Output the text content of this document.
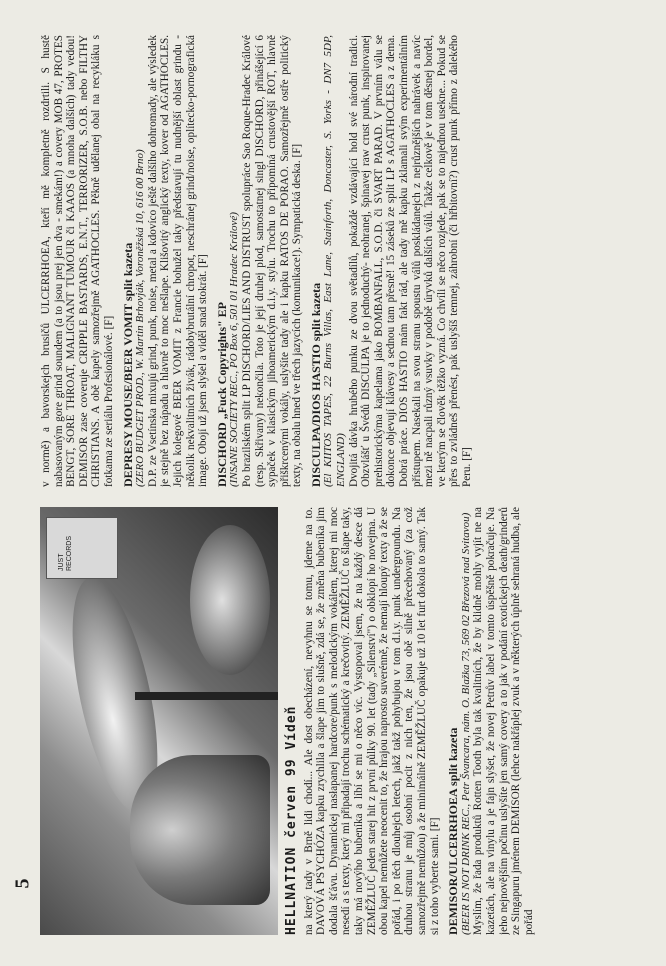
JUST RECORDS
HELLNATION červen 99 Vídeň na který tady v Brně lidi chodí... Ale dost obecházení, nevyhnu se tomu, jdeme na to. DAVOVÁ PSYCHÓZA kapku zrychlila a šlape jim to slušně, zdá se, že změna bubeníka jim dodala šťávu. Dynamickej nasłapanej hardcore/punk s melodickým vokálem, kterej mi moc nesedí a s texty, který mi připadají trochu schématický a krečovitý. ZEMĚŽLUČ to šlape taky, taky má novýho bubeníka a líbí se mi o něco víc. Vystopoval jsem, že na každý desce dá ZEMĚŽLUČ jeden starej hit z první půlky 90. let (tady „Silenství") o obklopí ho novejma. U obou kapel nemůžete neocenit to, že hrajou naprosto suverénně, že nemají hloupý texty a že se pořád, i po těch dlouhejch letech, jakž takž pohybujou v tom d.i.y. punk undergroundu. Na druhou stranu je můj osobní pocit z nich ten, že jsou obě silně přecehovaný (za což samozřejmě nemůžou) a že minimálně ZEMĚŽLUČ opakuje už 10 let furt dokola to samý. Tak si z toho vyberte sami. [F] DEMISOR/ULCERRHOEA split kazeta (BEER IS NOT DRINK REC., Petr Švancara, nám. O. Blažka 73, 569 02 Březová nad Svitavou) Myslím, že řada produktů Rotten Tooth byla tak kvalitních, že by klidně mohly vyjít ne na kazetách, ale na vinylu a je fajn slyšet, že novej Petrův label v tomto úspěšně pokračuje. Na jeho nejnovějším počinu uslyšíte jen samý covery a to jak v podání exotickejch death/grinderů ze Singapuru jménem DEMISOR (lehce nakřáplej zvuk a v některých úplně sehraná hudba, ale pořád

v normě) a bavorskejch brusičů ULCERRHOEA, kteří mě kompletně rozdrtili. S hustě nabasovaným gore grind soundem (a to jsou prej jen dva - smekám!) a covery MOB 47, PROTES BENGT, SORE THROAT, MALIGNANT TUMOUR či KAAOS (a mnoha dalších) tady vedou! DEMISOR zase coverujе CRIPPLE BASTARDS, E.N.T., TERRORIZER, S.O.B. nebo FILTHY CHRISTIANS. A obě kapely samozřejmě AGATHOCLES. Pěkně udělanej obal na recykláku s fotkama ze seriálu Profesionálové. [F] DEPRESY MOUSE/BEER VOMIT split kazeta (ZERO BUDGET PROD., W. Martin Brhovják, Voroněžská 10, 616 00 Brno) D.P. ze Vsetínska mixujú grind, punk, noise, metal a kdovíco ještě dalšího dohromady, ale výsledek je stejně bez nápadu a hlavně to moc nešlape. Klišovitý anglický texty, kover od AGATHOCLES. Jejich kolegové BEER VOMIT z Francie bohužel taky představují tu nudnější oblast grindu - několik nekvalitních živák, rádobybrutální chropot, neschránej grind/noise, oplítecko-pornografická image. Obojí už jsem slyšel a viděl snad stokrát. [F] DISCHORD „Fuck Copyrights" EP (INSANE SOCIETY REC., PO Box 6, 501 01 Hradec Králové) Po brazilském split LP DISCHORD/LIES AND DISTRUST spolupráce Sao Roque-Hradec Králové (resp. Skřivany) nekončila. Toto je její druhej plod, samostatnej singl DISCHORD, přinášející 6 sypaček v klasickým jihoamerickým d.i.y. stylu. Trochu to připomíná crustovější ROT, hlavně přiškrcenými vokály, uslyšíte tady ale i kapku RATOS DE PORAO. Samozřejmě ostře politický texty, na obalu hned ve třech jazycích (komunikace!). Sympatická deska. [F] DISCULPA/DIOS HASTIO split kazeta (El KIITOS TAPES, 22 Burns Villas, East Lane, Stainforth, Doncaster, S. Yorks - DN7 5DP, ENGLAND) Dvojitá dávka hrubého punku ze dvou světadílů, pokaždé vzdávající hold své národní tradici. Obzvlášť u Švédů DISCULPA je to jednoduchý- neohranej, špinavej raw crust punk, inspirovanej prehistorickýma kapelama jako BOMBANFALL, S.O.D. či SVART PARAD. V prvním válu se dokonce objevují klávesy a sednou tam přesně! 15 záseků ze split LP s AGATHOCLES a z dema. Dobrá práce. DIOS HASTIO mám fakt rád, ale tady mě kapku zklamali svým experimentálním přístupem. Nasekali na svou stranu spoustu válů poskládanejch z nejrůznějších nahrávek a navíc mezi ně nacpali různý vsuvky v podobě úryvků dalších válů. Takže celkově je v tom děsnej bordel, ve kterým se člověk těžko vyzná. Co chvíli se něco rozjede, pak se to najednou usekne... Pokud se přes to zvládneš přenést, pak uslyšíš temnej, záhrobní (či hřbitovní?) crust punk přímo z dalekého Peru. [F]

5
